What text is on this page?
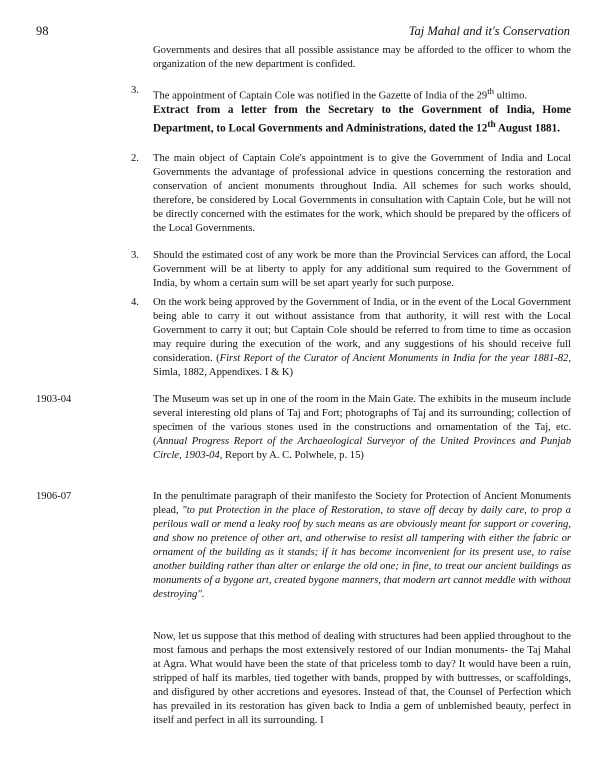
98	Taj Mahal and it's Conservation

Governments and desires that all possible assistance may be afforded to the officer to whom the organization of the new department is confided.

3.

The appointment of Captain Cole was notified in the Gazette of India of the 29th ultimo.

Extract from a letter from the Secretary to the Government of India, Home Department, to Local Governments and Administrations, dated the 12th August 1881.

2. The main object of Captain Cole's appointment is to give the Government of India and Local Governments the advantage of professional advice in questions concerning the restoration and conservation of ancient monuments throughout India. All schemes for such works should, therefore, be considered by Local Governments in consultation with Captain Cole, but he will not be directly concerned with the estimates for the work, which should be prepared by the officers of the Local Governments.

3. Should the estimated cost of any work be more than the Provincial Services can afford, the Local Government will be at liberty to apply for any additional sum required to the Government of India, by whom a certain sum will be set apart yearly for such purpose.

4. On the work being approved by the Government of India, or in the event of the Local Government being able to carry it out without assistance from that authority, it will rest with the Local Government to carry it out; but Captain Cole should be referred to from time to time as occasion may require during the execution of the work, and any suggestions of his should receive full consideration. (First Report of the Curator of Ancient Monuments in India for the year 1881-82, Simla, 1882, Appendixes. I & K)

1903-04	The Museum was set up in one of the room in the Main Gate. The exhibits in the museum include several interesting old plans of Taj and Fort; photographs of Taj and its surrounding; collection of specimen of the various stones used in the constructions and ornamentation of the Taj, etc. (Annual Progress Report of the Archaeological Surveyor of the United Provinces and Punjab Circle, 1903-04, Report by A. C. Polwhele, p. 15)

1906-07	In the penultimate paragraph of their manifesto the Society for Protection of Ancient Monuments plead, "to put Protection in the place of Restoration, to stave off decay by daily care, to prop a perilous wall or mend a leaky roof by such means as are obviously meant for support or covering, and show no pretence of other art, and otherwise to resist all tampering with either the fabric or ornament of the building as it stands; if it has become inconvenient for its present use, to raise another building rather than alter or enlarge the old one; in fine, to treat our ancient buildings as monuments of a bygone art, created bygone manners, that modern art cannot meddle with without destroying".

Now, let us suppose that this method of dealing with structures had been applied throughout to the most famous and perhaps the most extensively restored of our Indian monuments- the Taj Mahal at Agra. What would have been the state of that priceless tomb to day? It would have been a ruin, stripped of half its marbles, tied together with bands, propped by with buttresses, or scaffoldings, and disfigured by other accretions and eyesores. Instead of that, the Counsel of Perfection which has prevailed in its restoration has given back to India a gem of unblemished beauty, perfect in itself and perfect in all its surrounding. I
